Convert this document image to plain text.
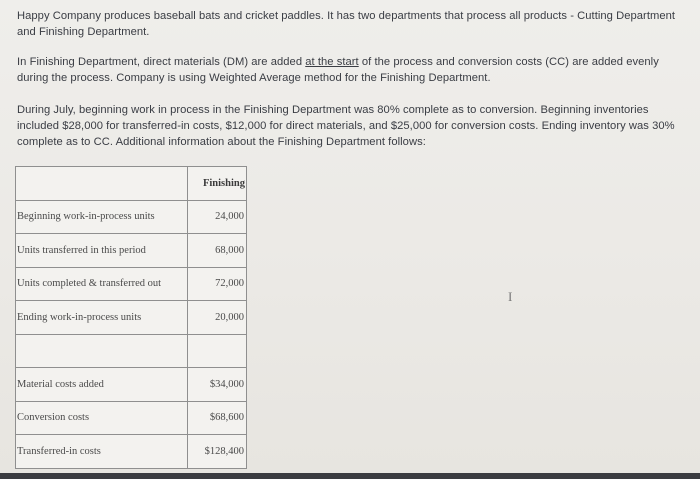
Happy Company produces baseball bats and cricket paddles. It has two departments that process all products - Cutting Department and Finishing Department.
In Finishing Department, direct materials (DM) are added at the start of the process and conversion costs (CC) are added evenly during the process. Company is using Weighted Average method for the Finishing Department.
During July, beginning work in process in the Finishing Department was 80% complete as to conversion. Beginning inventories included $28,000 for transferred-in costs, $12,000 for direct materials, and $25,000 for conversion costs. Ending inventory was 30% complete as to CC. Additional information about the Finishing Department follows:
	Finishing
Beginning work-in-process units	24,000
Units transferred in this period	68,000
Units completed & transferred out	72,000
Ending work-in-process units	20,000

Material costs added	$34,000
Conversion costs	$68,600
Transferred-in costs	$128,400
I
